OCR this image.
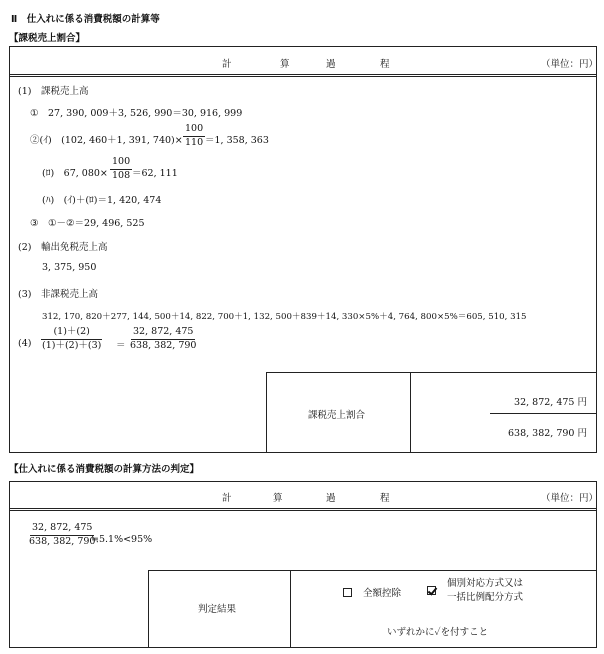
Ⅱ　仕入れに係る消費税額の計算等
【課税売上割合】
計	算	過	程	（単位：円）
(1)　課税売上高
①　27, 390, 009＋3, 526, 990＝30, 916, 999
②(ｲ)　(102, 460＋1, 391, $740)\times \frac{100}{110} =1$, 358, 363
(ﾛ)　67, $080\times \frac{100}{108} =62$, 111
(ﾊ)　(ｲ)＋(ﾛ)＝1, 420, 474
③　①－②＝29, 496, 525
(2)　輸出免税売上高
3, 375, 950
(3)　非課税売上高
312, 170, 820＋277, 144, 500＋14, 822, 700＋1, 132, 500＋839＋14, 330×5%＋4, 764, 800×5%＝605, 510, 315
$(4) \frac{(1)+(2)}{(1)+(2)+(3)} = \frac{32, 872, 475}{638, 382, 790}$
課税売上割合
32, 872, 475 円
638, 382, 790 円
【仕入れに係る消費税額の計算方法の判定】
計	算	過	程	（単位：円）
$\frac{32, 872, 475}{638, 382, 790}$
≒5.1%<95%
判定結果
全額控除
個別対応方式又は
一括比例配分方式
いずれかに✓を付すこと
